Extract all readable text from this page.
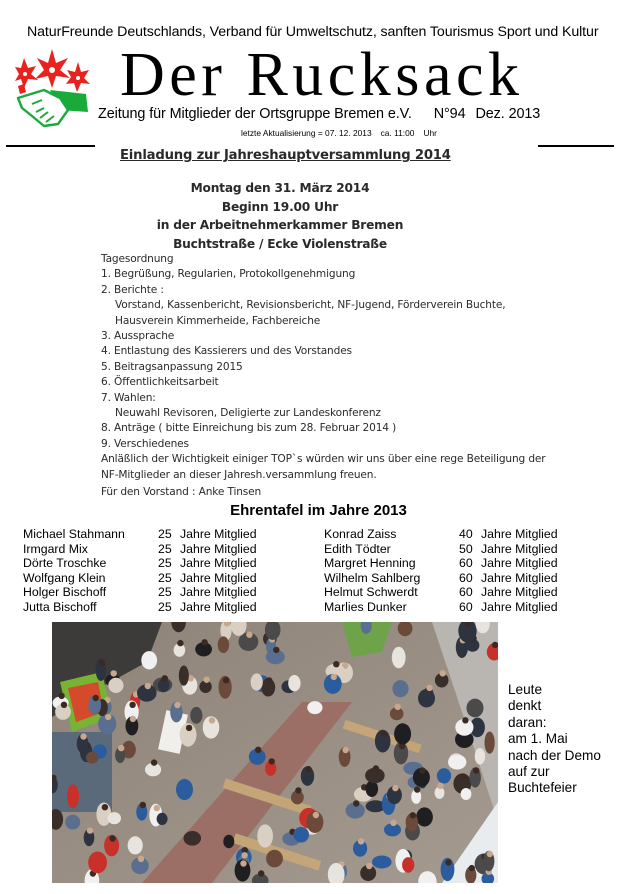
NaturFreunde Deutschlands, Verband für Umweltschutz, sanften Tourismus Sport und Kultur
Der Rucksack
Zeitung für Mitglieder der Ortsgruppe Bremen e.V. N°94 Dez. 2013
letzte Aktualisierung = 07. 12. 2013 ca. 11:00 Uhr
Einladung zur Jahreshauptversammlung 2014
Montag den 31. März 2014
Beginn 19.00 Uhr
in der Arbeitnehmerkammer Bremen
Buchtstraße / Ecke Violenstraße
Tagesordnung
1. Begrüßung, Regularien, Protokollgenehmigung
2. Berichte :
Vorstand, Kassenbericht, Revisionsbericht, NF-Jugend, Förderverein Buchte,
Hausverein Kimmerheide, Fachbereiche
3. Aussprache
4. Entlastung des Kassierers und des Vorstandes
5. Beitragsanpassung 2015
6. Öffentlichkeitsarbeit
7. Wahlen:
Neuwahl Revisoren, Deligierte zur Landeskonferenz
8. Anträge ( bitte Einreichung bis zum 28. Februar 2014 )
9. Verschiedenes
Anläßlich der Wichtigkeit einiger TOP`s würden wir uns über eine rege Beteiligung der
NF-Mitglieder an dieser Jahresh.versammlung freuen.
Für den Vorstand : Anke Tinsen
Ehrentafel im Jahre 2013
Michael Stahmann	25 Jahre Mitglied
Irmgard Mix	25 Jahre Mitglied
Dörte Troschke	25 Jahre Mitglied
Wolfgang Klein	25 Jahre Mitglied
Holger Bischoff	25 Jahre Mitglied
Jutta Bischoff	25 Jahre Mitglied
Konrad Zaiss	40 Jahre Mitglied
Edith Tödter	50 Jahre Mitglied
Margret Henning	60 Jahre Mitglied
Wilhelm Sahlberg	60 Jahre Mitglied
Helmut Schwerdt	60 Jahre Mitglied
Marlies Dunker	60 Jahre Mitglied
Leute
denkt
daran:
am 1. Mai
nach der Demo
auf zur
Buchtefeier
